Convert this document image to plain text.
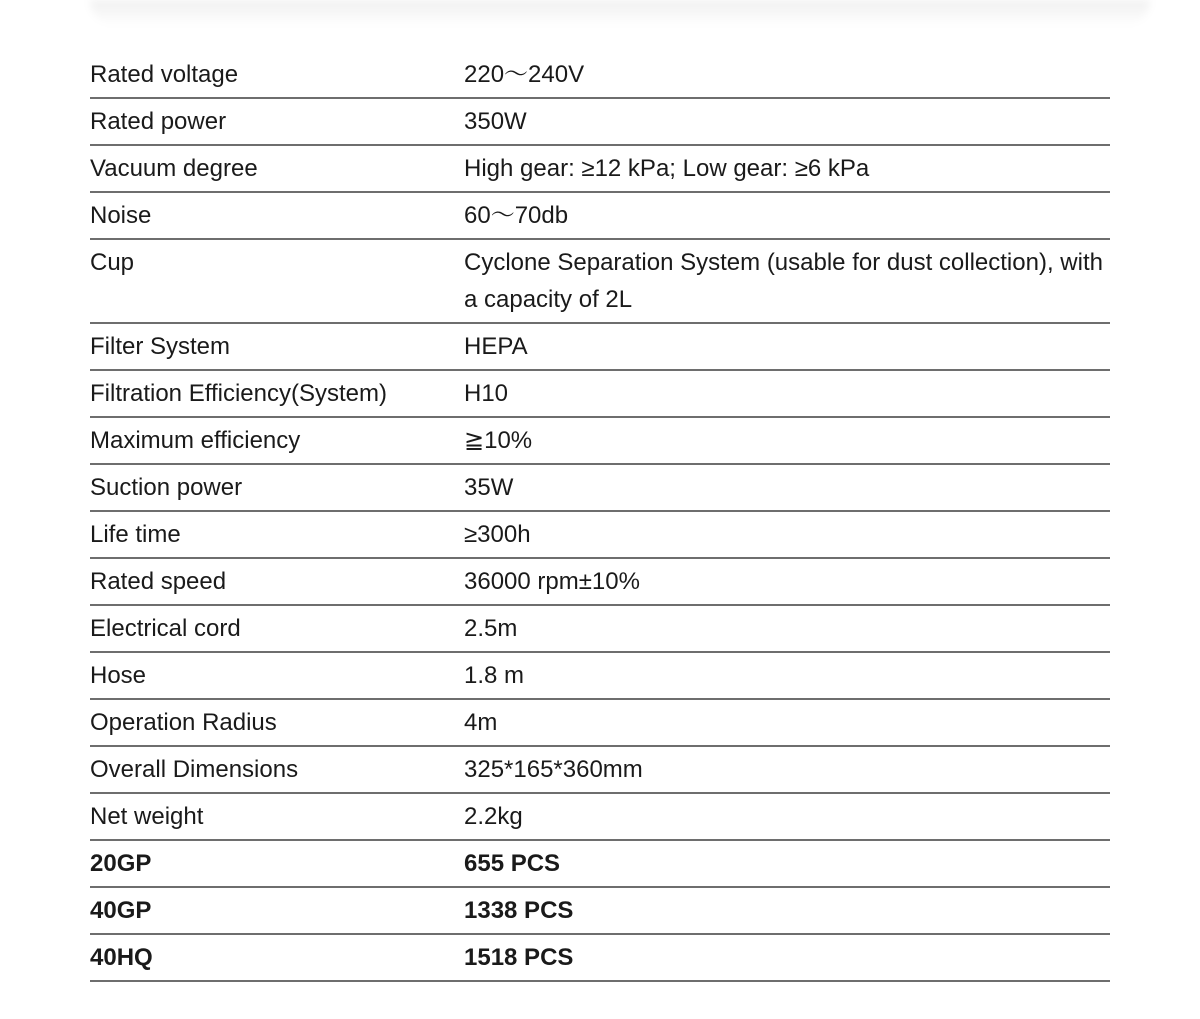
Rated voltage	220～240V
Rated power	350W
Vacuum degree	High gear: ≥12 kPa; Low gear: ≥6 kPa
Noise	60～70db
Cup	Cyclone Separation System (usable for dust collection), with a capacity of 2L
Filter System	HEPA
Filtration Efficiency(System)	H10
Maximum efficiency	≧10%
Suction power	35W
Life time	≥300h
Rated speed	36000 rpm±10%
Electrical cord	2.5m
Hose	1.8 m
Operation Radius	4m
Overall Dimensions	325*165*360mm
Net weight	2.2kg
20GP	655 PCS
40GP	1338 PCS
40HQ	1518 PCS
